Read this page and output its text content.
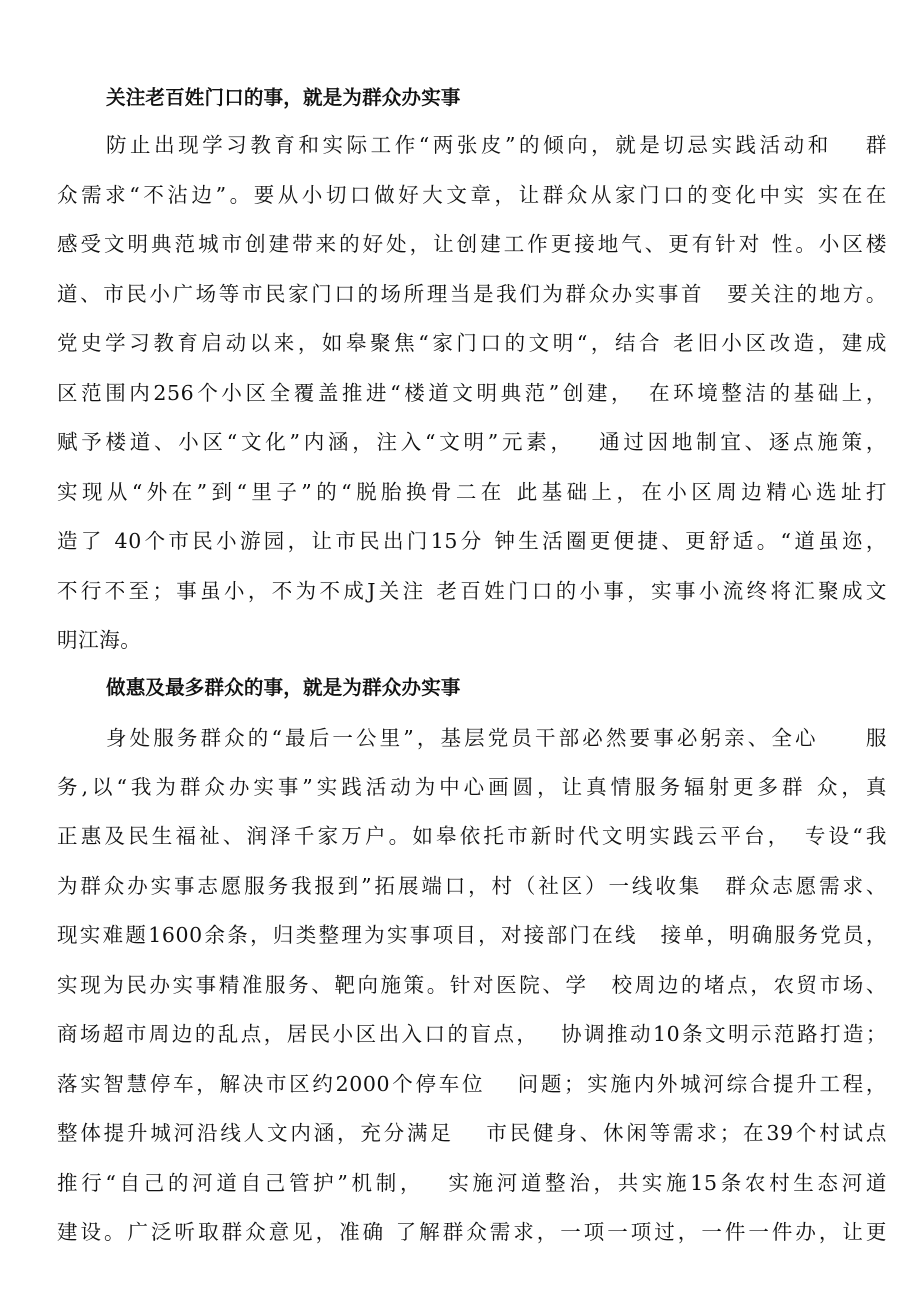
关注老百姓门口的事，就是为群众办实事
防止出现学习教育和实际工作“两张皮”的倾向，就是切忌实践活动和　 群
众需求“不沾边”。要从小切口做好大文章，让群众从家门口的变化中实 实在在
感受文明典范城市创建带来的好处，让创建工作更接地气、更有针对 性。小区楼
道、市民小广场等市民家门口的场所理当是我们为群众办实事首　要关注的地方。
党史学习教育启动以来，如皋聚焦“家门口的文明“，结合 老旧小区改造，建成
区范围内256个小区全覆盖推进“楼道文明典范”创建，　在环境整洁的基础上，
赋予楼道、小区“文化”内涵，注入“文明”元素，　 通过因地制宜、逐点施策，
实现从“外在”到“里子”的“脱胎换骨二在 此基础上，在小区周边精心选址打
造了 40个市民小游园，让市民出门15分 钟生活圈更便捷、更舒适。“道虽迩，
不行不至；事虽小，不为不成J关注 老百姓门口的小事，实事小流终将汇聚成文
明江海。
做惠及最多群众的事，就是为群众办实事
身处服务群众的“最后一公里”，基层党员干部必然要事必躬亲、全心　　服
务,以“我为群众办实事”实践活动为中心画圆，让真情服务辐射更多群 众，真
正惠及民生福祉、润泽千家万户。如皋依托市新时代文明实践云平台，　专设“我
为群众办实事志愿服务我报到”拓展端口，村（社区）一线收集　群众志愿需求、
现实难题1600余条，归类整理为实事项目，对接部门在线　接单，明确服务党员，
实现为民办实事精准服务、靶向施策。针对医院、学　校周边的堵点，农贸市场、
商场超市周边的乱点，居民小区出入口的盲点，　 协调推动10条文明示范路打造；
落实智慧停车，解决市区约2000个停车位　 问题；实施内外城河综合提升工程，
整体提升城河沿线人文内涵，充分满足　 市民健身、休闲等需求；在39个村试点
推行“自己的河道自己管护”机制，　 实施河道整治，共实施15条农村生态河道
建设。广泛听取群众意见，准确 了解群众需求，一项一项过，一件一件办，让更
